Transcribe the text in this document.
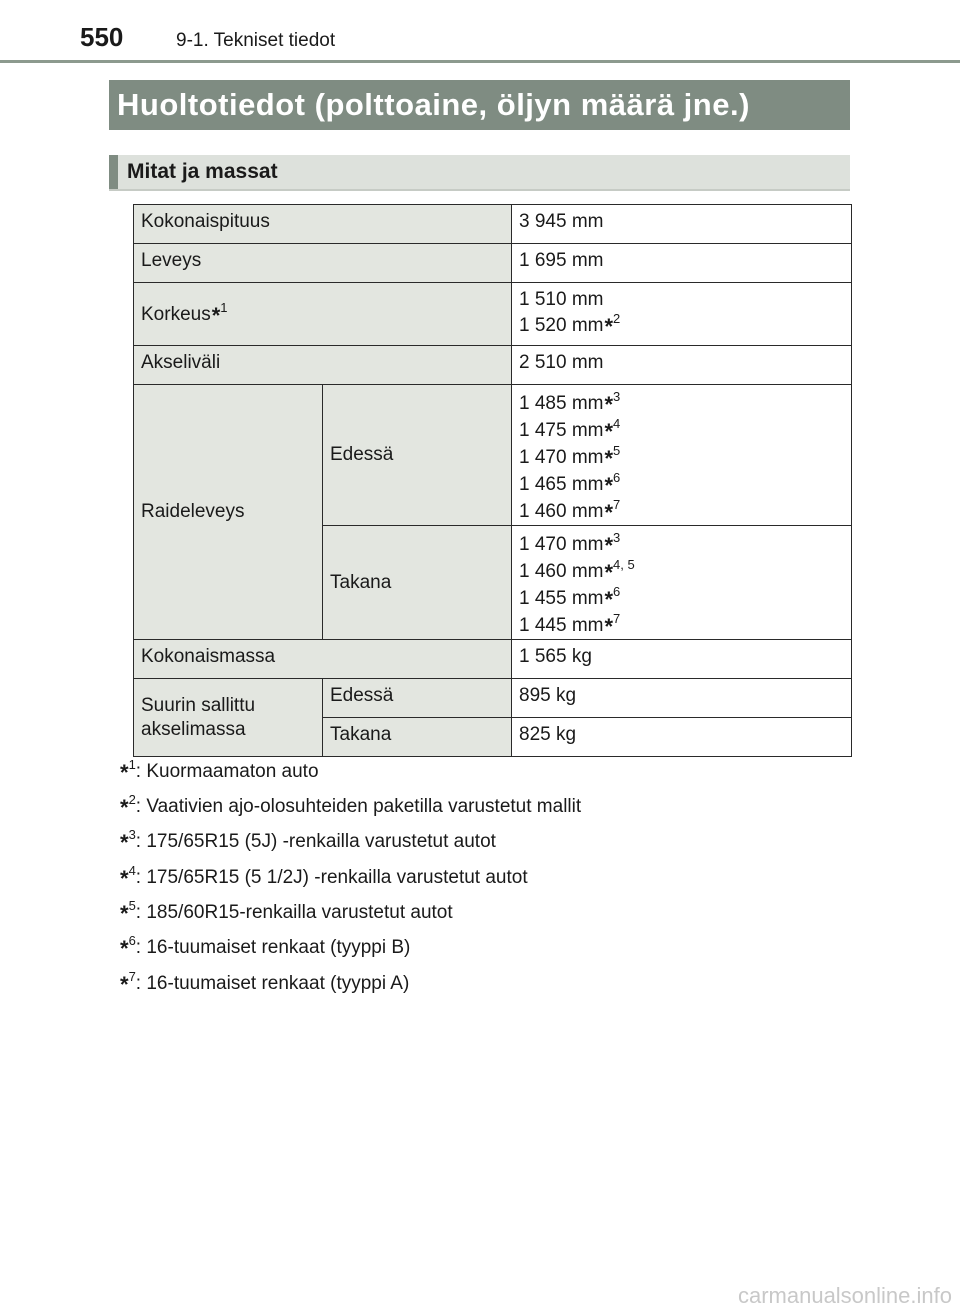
550	9-1. Tekniset tiedot
Huoltotiedot (polttoaine, öljyn määrä jne.)
Mitat ja massat
Kokonaispituus		3 945 mm
Leveys		1 695 mm
Korkeus*$^1$		1 510 mm
1 520 mm*$^2$

Akseliväli		2 510 mm
Raideleveys	Edessä	1 485 mm*$^3$
1 475 mm*$^4$
1 470 mm*$^5$
1 465 mm*$^6$
1 460 mm*$^7$

	Takana	1 470 mm*$^3$
1 460 mm*$^{4, 5}$
1 455 mm*$^6$
1 445 mm*$^7$

Kokonaismassa		1 565 kg
Suurin sallittu akselimassa	Edessä	895 kg
	Takana	825 kg
*$^1$: Kuormaamaton auto
*$^2$: Vaativien ajo-olosuhteiden paketilla varustetut mallit
*$^3$: 175/65R15 (5J) -renkailla varustetut autot
*$^4$: 175/65R15 (5 1/2J) -renkailla varustetut autot
*$^5$: 185/60R15-renkailla varustetut autot
*$^6$: 16-tuumaiset renkaat (tyyppi B)
*$^7$: 16-tuumaiset renkaat (tyyppi A)
carmanualsonline.info
